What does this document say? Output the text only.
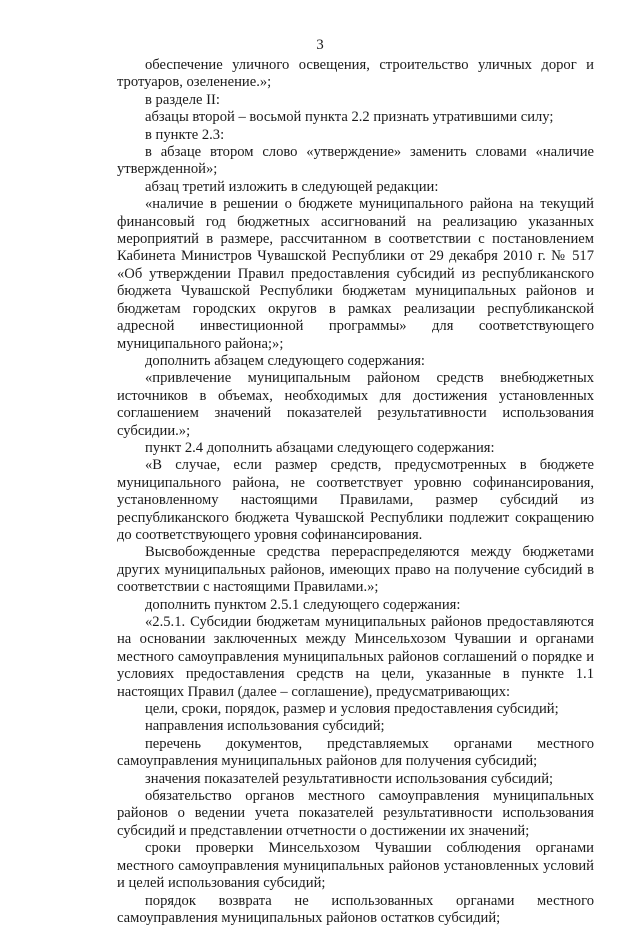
3

обеспечение уличного освещения, строительство уличных дорог и тротуаров, озеленение.»;

в разделе II:

абзацы второй – восьмой пункта 2.2 признать утратившими силу;

в пункте 2.3:

в абзаце втором слово «утверждение» заменить словами «наличие утвержденной»;

абзац третий изложить в следующей редакции:

«наличие в решении о бюджете муниципального района на текущий финансовый год бюджетных ассигнований на реализацию указанных мероприятий в размере, рассчитанном в соответствии с постановлением Кабинета Министров Чувашской Республики от 29 декабря 2010 г. № 517 «Об утверждении Правил предоставления субсидий из республиканского бюджета Чувашской Республики бюджетам муниципальных районов и бюджетам городских округов в рамках реализации республиканской адресной инвестиционной программы» для соответствующего муниципального района;»;

дополнить абзацем следующего содержания:

«привлечение муниципальным районом средств внебюджетных источников в объемах, необходимых для достижения установленных соглашением значений показателей результативности использования субсидии.»;

пункт 2.4 дополнить абзацами следующего содержания:

«В случае, если размер средств, предусмотренных в бюджете муниципального района, не соответствует уровню софинансирования, установленному настоящими Правилами, размер субсидий из республиканского бюджета Чувашской Республики подлежит сокращению до соответствующего уровня софинансирования.

Высвобожденные средства перераспределяются между бюджетами других муниципальных районов, имеющих право на получение субсидий в соответствии с настоящими Правилами.»;

дополнить пунктом 2.5.1 следующего содержания:

«2.5.1. Субсидии бюджетам муниципальных районов предоставляются на основании заключенных между Минсельхозом Чувашии и органами местного самоуправления муниципальных районов соглашений о порядке и условиях предоставления средств на цели, указанные в пункте 1.1 настоящих Правил (далее – соглашение), предусматривающих:

цели, сроки, порядок, размер и условия предоставления субсидий;

направления использования субсидий;

перечень документов, представляемых органами местного самоуправления муниципальных районов для получения субсидий;

значения показателей результативности использования субсидий;

обязательство органов местного самоуправления муниципальных районов о ведении учета показателей результативности использования субсидий и представлении отчетности о достижении их значений;

сроки проверки Минсельхозом Чувашии соблюдения органами местного самоуправления муниципальных районов установленных условий и целей использования субсидий;

порядок возврата не использованных органами местного самоуправления муниципальных районов остатков субсидий;
